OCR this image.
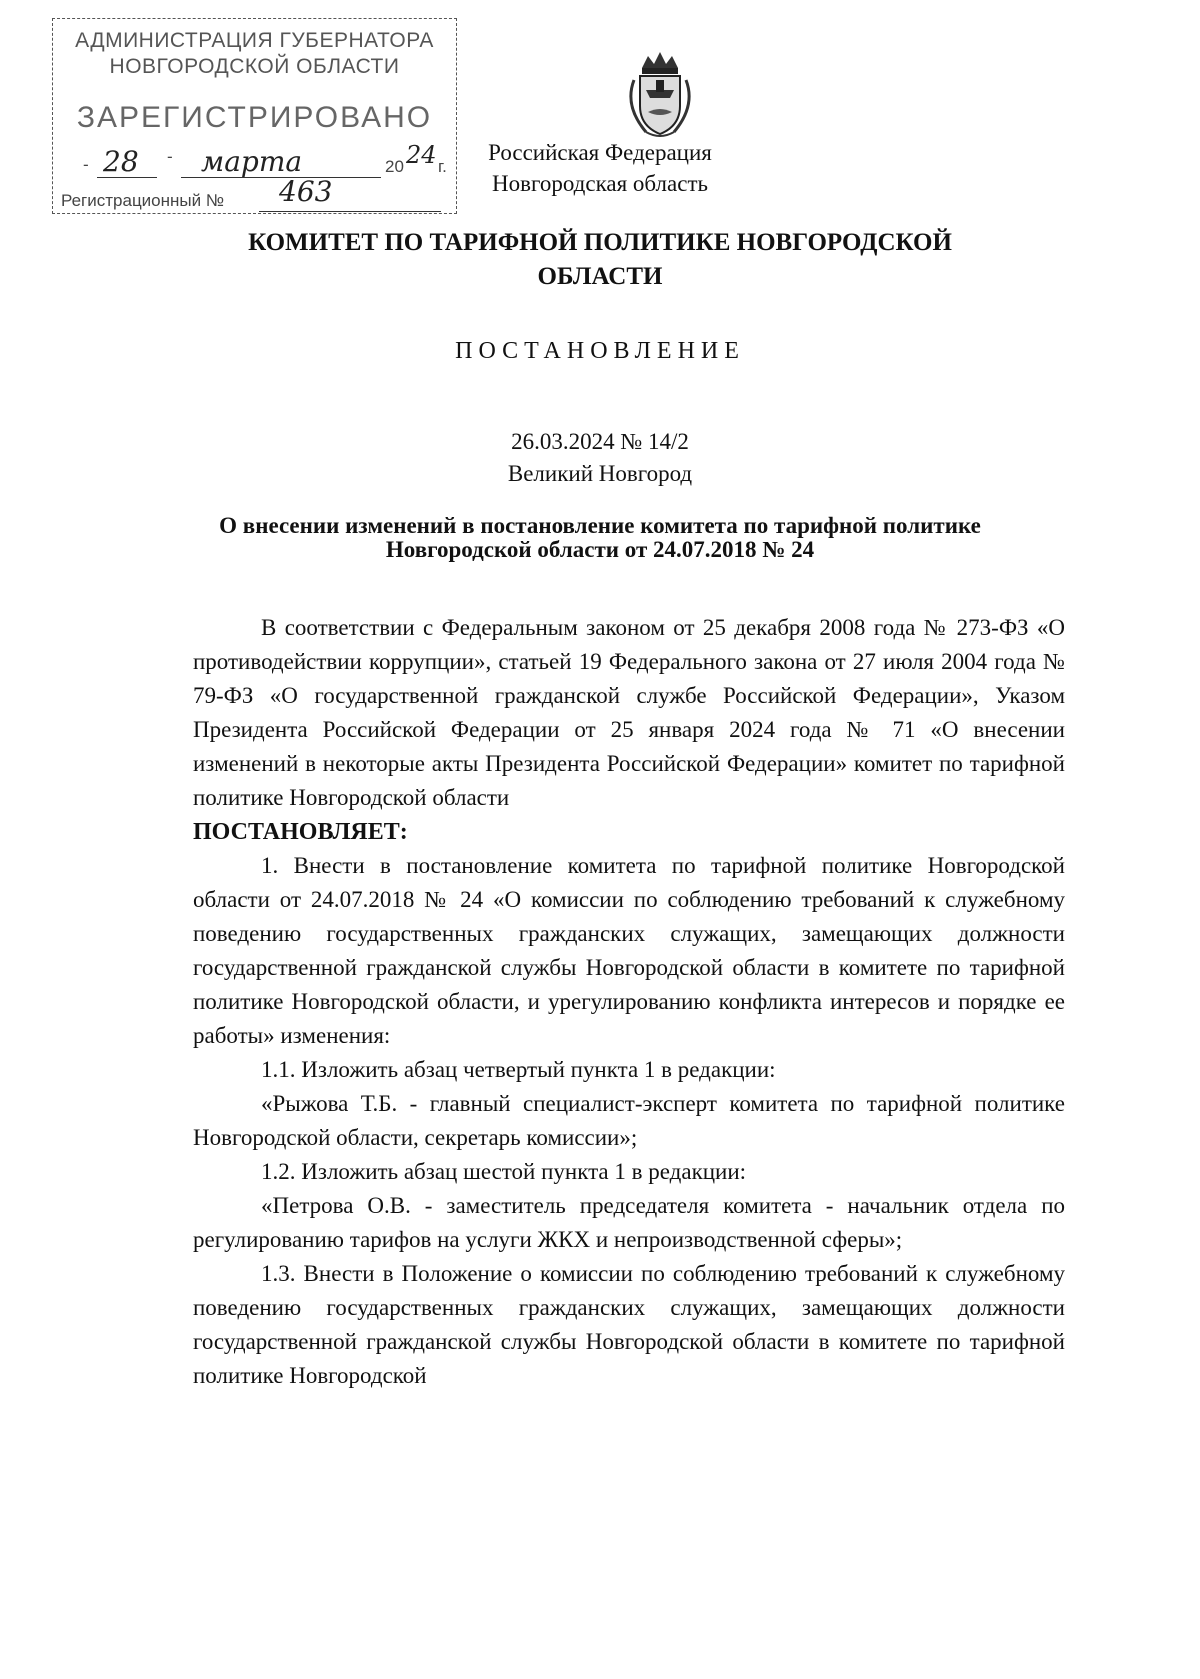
АДМИНИСТРАЦИЯ ГУБЕРНАТОРА
НОВГОРОДСКОЙ ОБЛАСТИ
ЗАРЕГИСТРИРОВАНО
- 28 - марта	20 24 г.
Регистрационный № 463
Российская Федерация
Новгородская область
КОМИТЕТ ПО ТАРИФНОЙ ПОЛИТИКЕ НОВГОРОДСКОЙ
ОБЛАСТИ
ПОСТАНОВЛЕНИЕ
26.03.2024 № 14/2
Великий Новгород
О внесении изменений в постановление комитета по тарифной политике
Новгородской области от 24.07.2018 № 24

В соответствии с Федеральным законом от 25 декабря 2008 года № 273-ФЗ «О противодействии коррупции», статьей 19 Федерального закона от 27 июля 2004 года № 79-ФЗ «О государственной гражданской службе Российской Федерации», Указом Президента Российской Федерации от 25 января 2024 года № 71 «О внесении изменений в некоторые акты Президента Российской Федерации» комитет по тарифной политике Новгородской области

ПОСТАНОВЛЯЕТ:

1. Внести в постановление комитета по тарифной политике Новгородской области от 24.07.2018 № 24 «О комиссии по соблюдению требований к служебному поведению государственных гражданских служащих, замещающих должности государственной гражданской службы Новгородской области в комитете по тарифной политике Новгородской области, и урегулированию конфликта интересов и порядке ее работы» изменения:

1.1. Изложить абзац четвертый пункта 1 в редакции:

«Рыжова Т.Б. - главный специалист-эксперт комитета по тарифной политике Новгородской области, секретарь комиссии»;

1.2. Изложить абзац шестой пункта 1 в редакции:

«Петрова О.В. - заместитель председателя комитета - начальник отдела по регулированию тарифов на услуги ЖКХ и непроизводственной сферы»;

1.3. Внести в Положение о комиссии по соблюдению требований к служебному поведению государственных гражданских служащих, замещающих должности государственной гражданской службы Новгородской области в комитете по тарифной политике Новгородской
